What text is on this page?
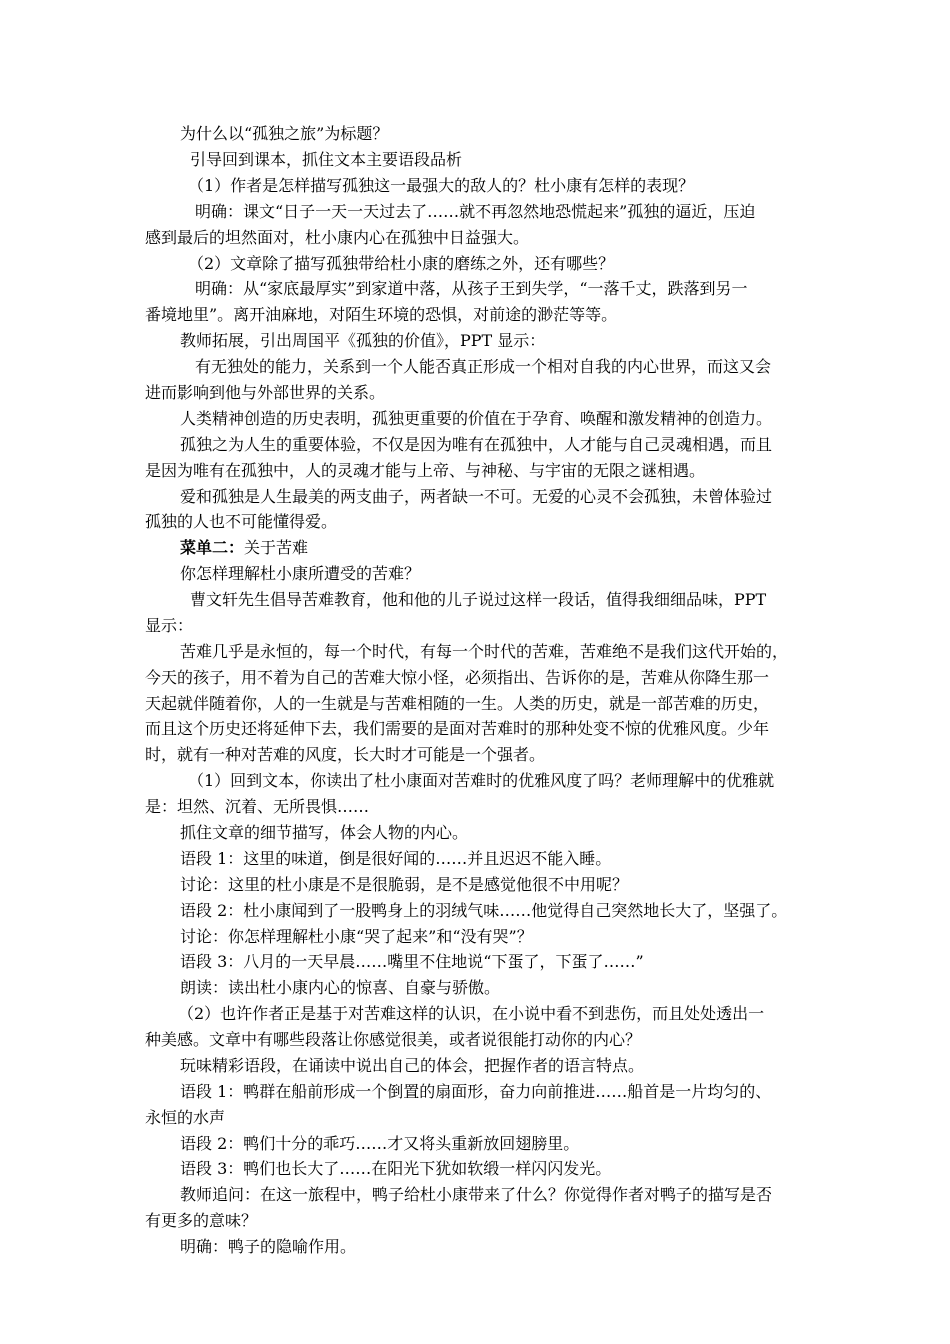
为什么以“孤独之旅”为标题？
引导回到课本，抓住文本主要语段品析
（1）作者是怎样描写孤独这一最强大的敌人的？杜小康有怎样的表现？
明确：课文“日子一天一天过去了……就不再忽然地恐慌起来”孤独的逼近，压迫
感到最后的坦然面对，杜小康内心在孤独中日益强大。
（2）文章除了描写孤独带给杜小康的磨练之外，还有哪些？
明确：从“家底最厚实”到家道中落，从孩子王到失学，“一落千丈，跌落到另一
番境地里”。离开油麻地，对陌生环境的恐惧，对前途的渺茫等等。
教师拓展，引出周国平《孤独的价值》，PPT 显示：
有无独处的能力，关系到一个人能否真正形成一个相对自我的内心世界，而这又会
进而影响到他与外部世界的关系。
人类精神创造的历史表明，孤独更重要的价值在于孕育、唤醒和激发精神的创造力。
孤独之为人生的重要体验，不仅是因为唯有在孤独中，人才能与自己灵魂相遇，而且
是因为唯有在孤独中，人的灵魂才能与上帝、与神秘、与宇宙的无限之谜相遇。
爱和孤独是人生最美的两支曲子，两者缺一不可。无爱的心灵不会孤独，未曾体验过
孤独的人也不可能懂得爱。
菜单二：关于苦难
你怎样理解杜小康所遭受的苦难？
曹文轩先生倡导苦难教育，他和他的儿子说过这样一段话，值得我细细品味，PPT
显示：
苦难几乎是永恒的，每一个时代，有每一个时代的苦难，苦难绝不是我们这代开始的，
今天的孩子，用不着为自己的苦难大惊小怪，必须指出、告诉你的是，苦难从你降生那一
天起就伴随着你，人的一生就是与苦难相随的一生。人类的历史，就是一部苦难的历史，
而且这个历史还将延伸下去，我们需要的是面对苦难时的那种处变不惊的优雅风度。少年
时，就有一种对苦难的风度，长大时才可能是一个强者。
（1）回到文本，你读出了杜小康面对苦难时的优雅风度了吗？老师理解中的优雅就
是：坦然、沉着、无所畏惧……
抓住文章的细节描写，体会人物的内心。
语段 1：这里的味道，倒是很好闻的……并且迟迟不能入睡。
讨论：这里的杜小康是不是很脆弱，是不是感觉他很不中用呢？
语段 2：杜小康闻到了一股鸭身上的羽绒气味……他觉得自己突然地长大了，坚强了。
讨论：你怎样理解杜小康“哭了起来”和“没有哭”？
语段 3：八月的一天早晨……嘴里不住地说“下蛋了，下蛋了……”
朗读：读出杜小康内心的惊喜、自豪与骄傲。
（2）也许作者正是基于对苦难这样的认识，在小说中看不到悲伤，而且处处透出一
种美感。文章中有哪些段落让你感觉很美，或者说很能打动你的内心？
玩味精彩语段，在诵读中说出自己的体会，把握作者的语言特点。
语段 1：鸭群在船前形成一个倒置的扇面形，奋力向前推进……船首是一片均匀的、
永恒的水声
语段 2：鸭们十分的乖巧……才又将头重新放回翅膀里。
语段 3：鸭们也长大了……在阳光下犹如软缎一样闪闪发光。
教师追问：在这一旅程中，鸭子给杜小康带来了什么？你觉得作者对鸭子的描写是否
有更多的意味？
明确：鸭子的隐喻作用。
